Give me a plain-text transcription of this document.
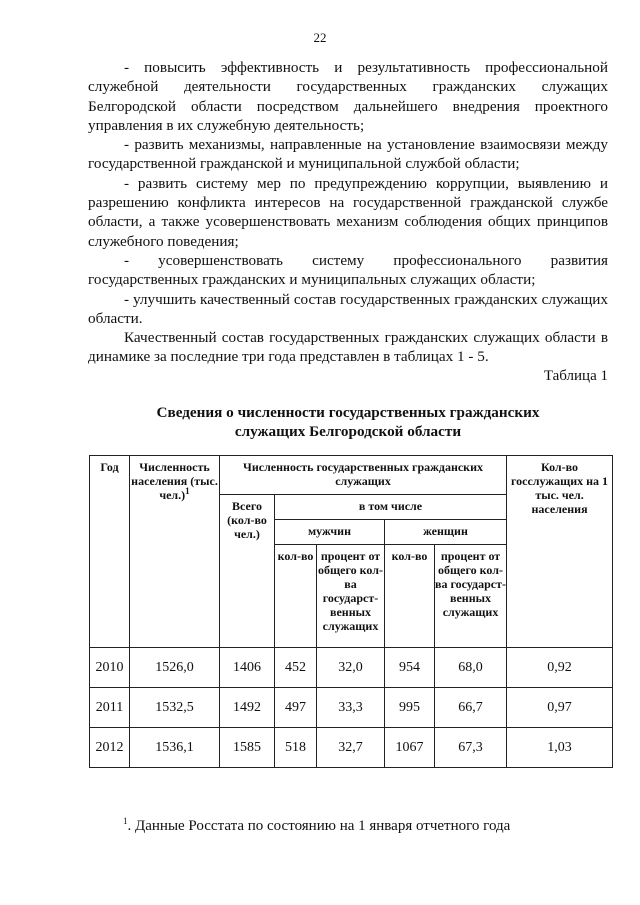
22

- повысить эффективность и результативность профессиональной служебной деятельности государственных гражданских служащих Белгородской области посредством дальнейшего внедрения проектного управления в их служебную деятельность;

- развить механизмы, направленные на установление взаимосвязи между государственной гражданской и муниципальной службой области;

- развить систему мер по предупреждению коррупции, выявлению и разрешению конфликта интересов на государственной гражданской службе области, а также усовершенствовать механизм соблюдения общих принципов служебного поведения;

- усовершенствовать систему профессионального развития государственных гражданских и муниципальных служащих области;

- улучшить качественный состав государственных гражданских служащих области.

Качественный состав государственных гражданских служащих области в динамике за последние три года представлен в таблицах 1 - 5.

Таблица 1
Сведения о численности государственных гражданских
служащих Белгородской области
Год	Численность населения (тыс. чел.)$^1$	Численность государственных гражданских служащих					Кол-во госслужащих на 1 тыс. чел. населения
		Всего (кол-во чел.)	в том числе				
			мужчин		женщин		
			кол-во	процент от общего кол-ва государст-венных служащих	кол-во	процент от общего кол-ва государст-венных служащих	
2010	1526,0	1406	452	32,0	954	68,0	0,92
2011	1532,5	1492	497	33,3	995	66,7	0,97
2012	1536,1	1585	518	32,7	1067	67,3	1,03
$^1$. Данные Росстата по состоянию на 1 января отчетного года
